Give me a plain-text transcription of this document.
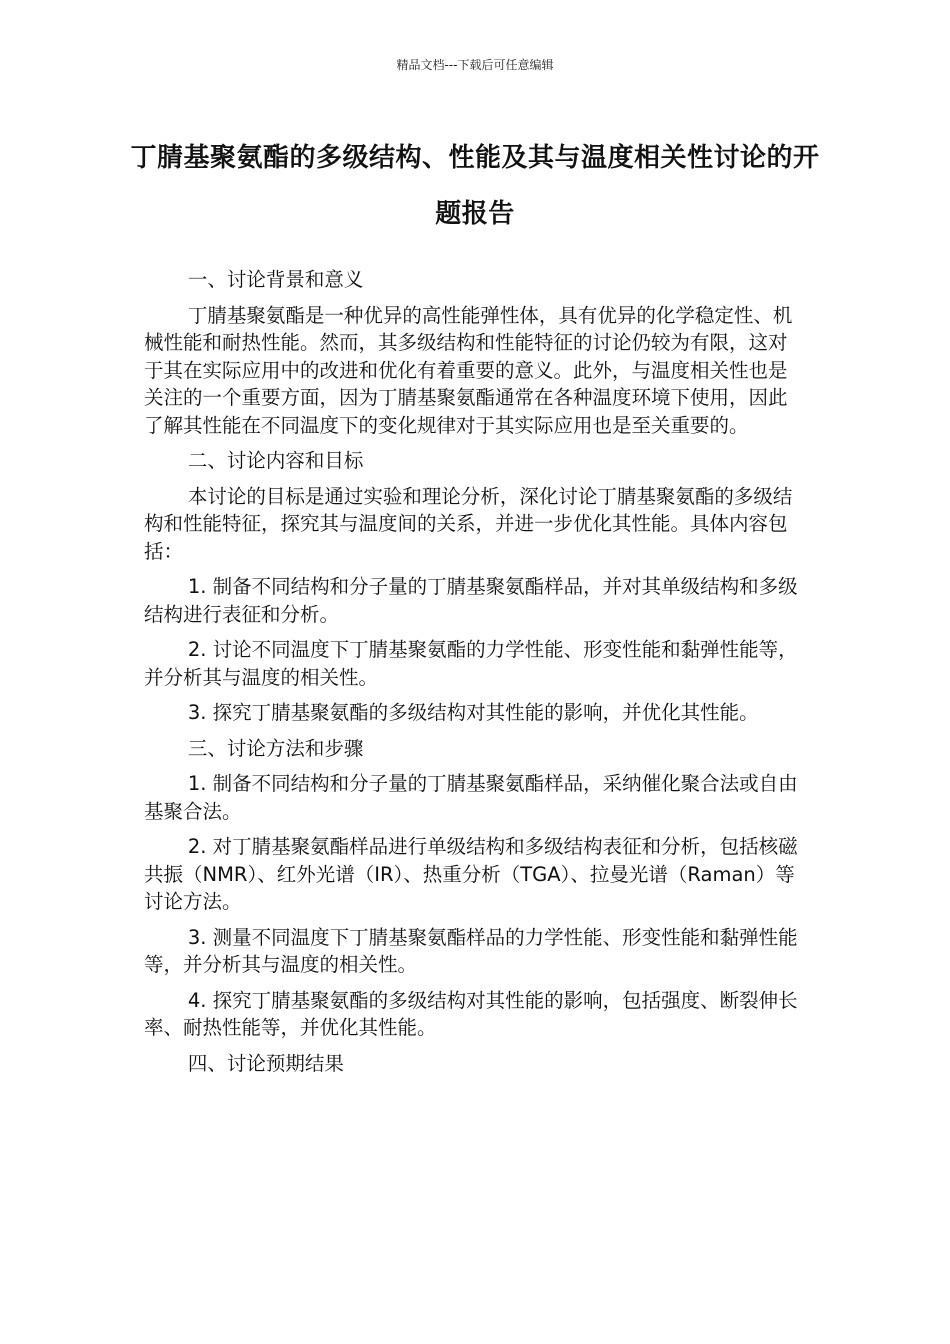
精品文档---下载后可任意编辑
丁腈基聚氨酯的多级结构、性能及其与温度相关性讨论的开题报告

一、讨论背景和意义

丁腈基聚氨酯是一种优异的高性能弹性体，具有优异的化学稳定性、机械性能和耐热性能。然而，其多级结构和性能特征的讨论仍较为有限，这对于其在实际应用中的改进和优化有着重要的意义。此外，与温度相关性也是关注的一个重要方面，因为丁腈基聚氨酯通常在各种温度环境下使用，因此了解其性能在不同温度下的变化规律对于其实际应用也是至关重要的。

二、讨论内容和目标

本讨论的目标是通过实验和理论分析，深化讨论丁腈基聚氨酯的多级结构和性能特征，探究其与温度间的关系，并进一步优化其性能。具体内容包括：

1. 制备不同结构和分子量的丁腈基聚氨酯样品，并对其单级结构和多级结构进行表征和分析。

2. 讨论不同温度下丁腈基聚氨酯的力学性能、形变性能和黏弹性能等，并分析其与温度的相关性。

3. 探究丁腈基聚氨酯的多级结构对其性能的影响，并优化其性能。

三、讨论方法和步骤

1. 制备不同结构和分子量的丁腈基聚氨酯样品，采纳催化聚合法或自由基聚合法。

2. 对丁腈基聚氨酯样品进行单级结构和多级结构表征和分析，包括核磁共振（NMR）、红外光谱（IR）、热重分析（TGA）、拉曼光谱（Raman）等讨论方法。

3. 测量不同温度下丁腈基聚氨酯样品的力学性能、形变性能和黏弹性能等，并分析其与温度的相关性。

4. 探究丁腈基聚氨酯的多级结构对其性能的影响，包括强度、断裂伸长率、耐热性能等，并优化其性能。

四、讨论预期结果
